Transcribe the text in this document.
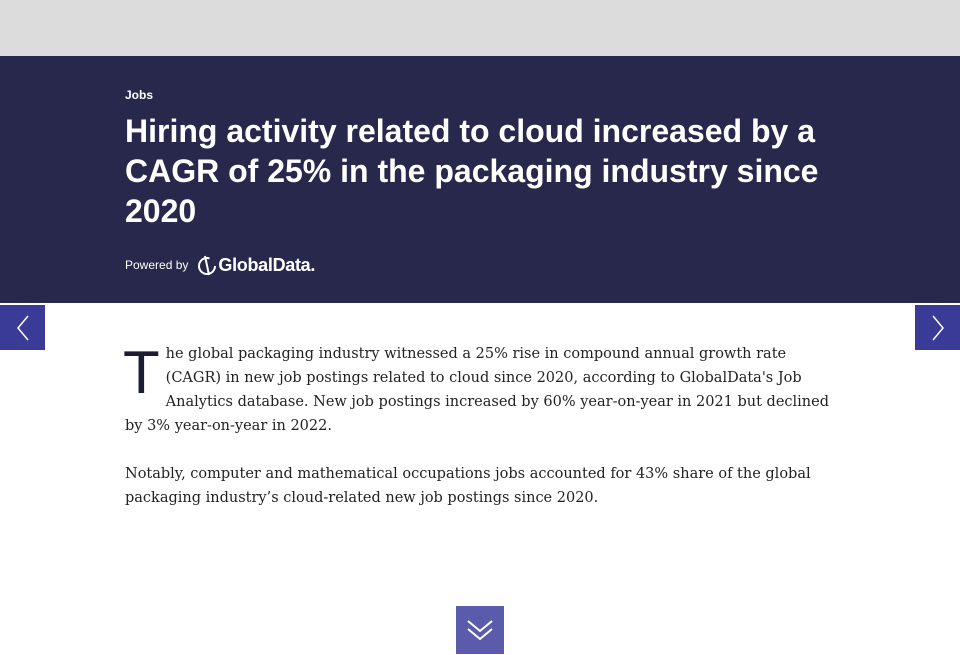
Jobs
Hiring activity related to cloud increased by a CAGR of 25% in the packaging industry since 2020
Powered by GlobalData.

The global packaging industry witnessed a 25% rise in compound annual growth rate (CAGR) in new job postings related to cloud since 2020, according to GlobalData's Job Analytics database. New job postings increased by 60% year-on-year in 2021 but declined by 3% year-on-year in 2022.

Notably, computer and mathematical occupations jobs accounted for 43% share of the global packaging industry’s cloud-related new job postings since 2020.
